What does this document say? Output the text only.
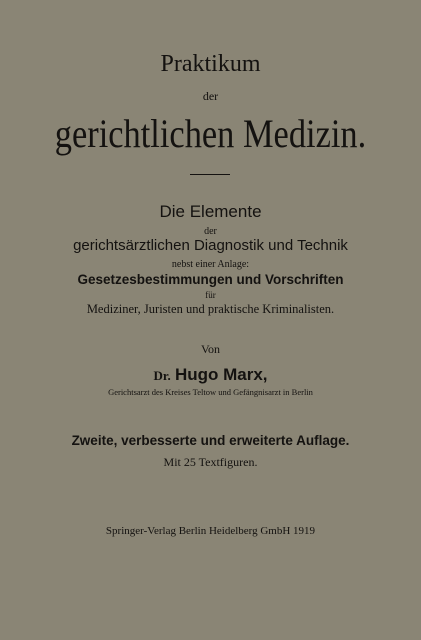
Praktikum
der
gerichtlichen Medizin.
Die Elemente
der
gerichtsärztlichen Diagnostik und Technik
nebst einer Anlage:
Gesetzesbestimmungen und Vorschriften
für
Mediziner, Juristen und praktische Kriminalisten.
Von
Dr. Hugo Marx,
Gerichtsarzt des Kreises Teltow und Gefängnisarzt in Berlin
Zweite, verbesserte und erweiterte Auflage.
Mit 25 Textfiguren.
Springer-Verlag Berlin Heidelberg GmbH 1919
